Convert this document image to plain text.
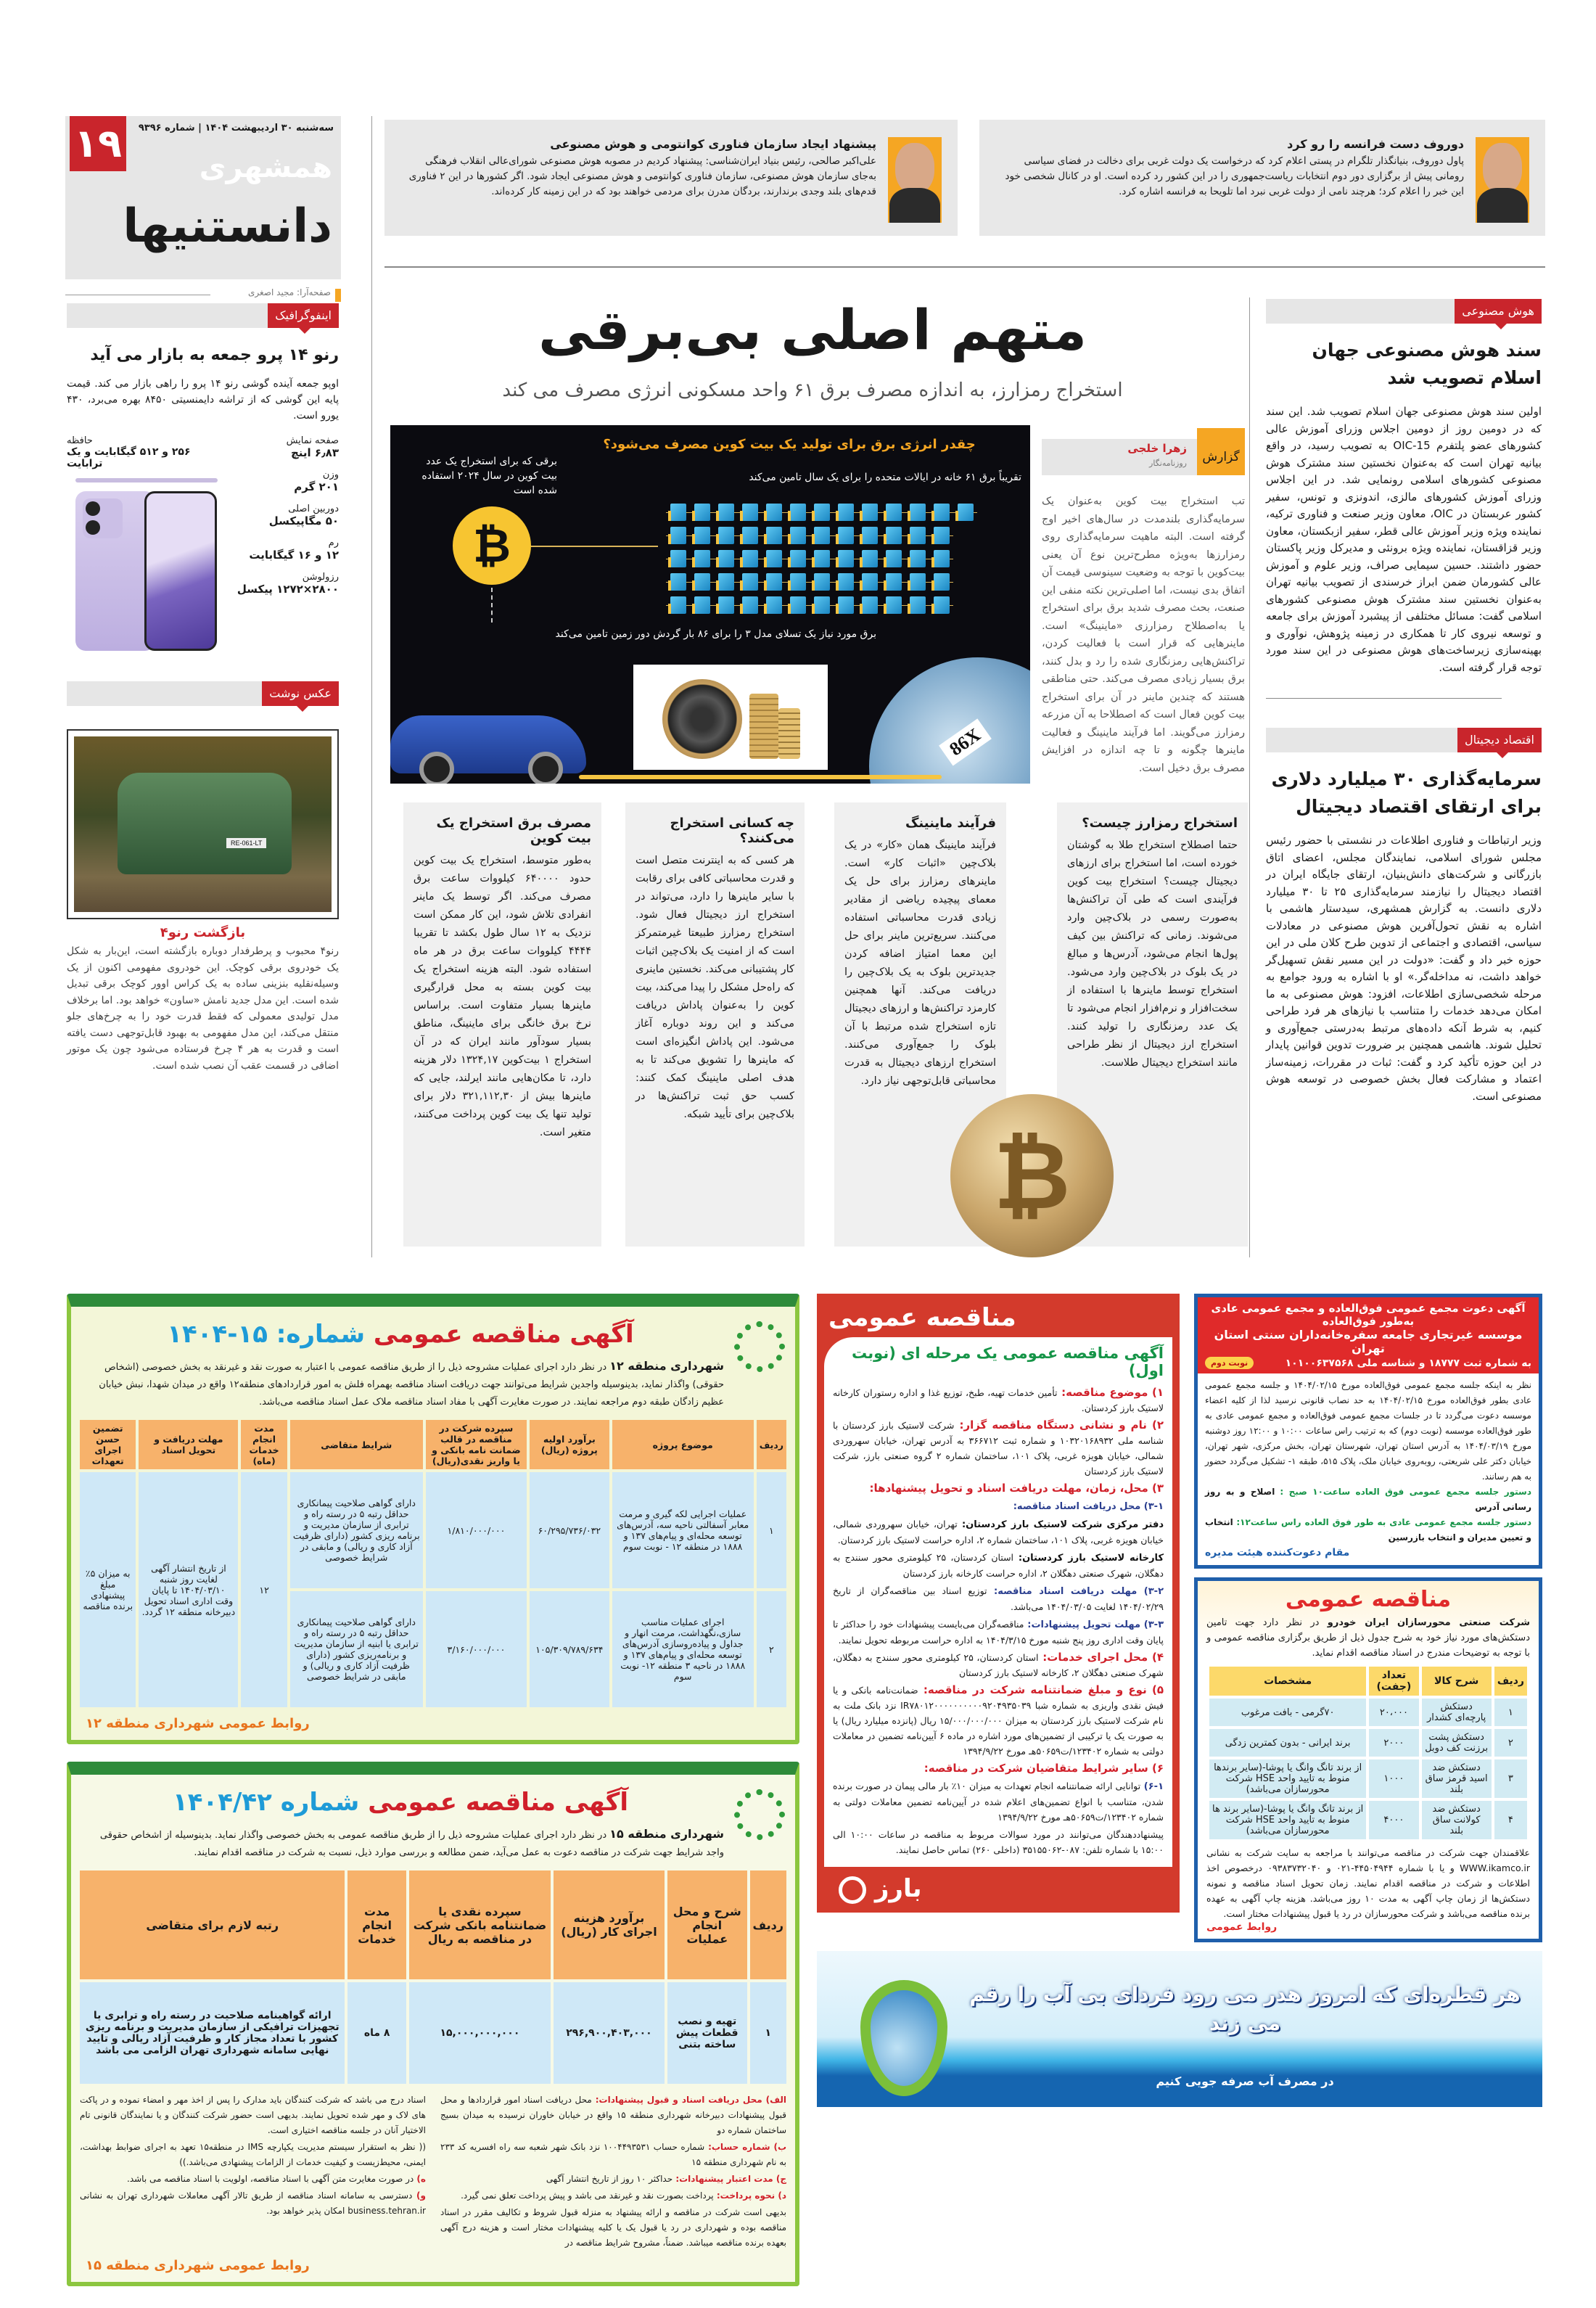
۱۹	سه‌شنبه ۳۰ اردیبهشت ۱۴۰۴ | شماره ۹۳۹۶
همشهری
دانستنیها
صفحه‌آرا: مجید اصغری
دوروف دست فرانسه را رو کرد

پاول دوروف، بنیانگذار تلگرام در پستی اعلام کرد که درخواست یک دولت غربی برای دخالت در فضای سیاسی رومانی پیش از برگزاری دور دوم انتخابات ریاست‌جمهوری را در این کشور رد کرده است. او در کانال شخصی خود این خبر را اعلام کرد؛ هرچند نامی از دولت غربی نبرد اما تلویحا به فرانسه اشاره کرد.

پیشنهاد ایجاد سازمان فناوری کوانتومی و هوش مصنوعی

علی‌اکبر صالحی، رئیس بنیاد ایران‌شناسی: پیشنهاد کردیم در مصوبه هوش مصنوعی شورای‌عالی انقلاب فرهنگی به‌جای سازمان هوش مصنوعی، سازمان فناوری کوانتومی و هوش مصنوعی ایجاد شود. اگر کشورها در این ۲ فناوری قدم‌های بلند وجدی برندارند، بردگان مدرن برای مردمی خواهند بود که در این زمینه کار کرده‌اند.

متهم اصلی بی‌برقی
استخراج رمزارز، به اندازه مصرف برق ۶۱ واحد مسکونی انرژی مصرف می کند
گزارش
زهرا خلجی
روزنامه‌نگار
تب استخراج بیت کوین به‌عنوان یک سرمایه‌گذاری بلندمدت در سال‌های اخیر اوج گرفته است. البته ماهیت سرمایه‌گذاری روی رمزارزها به‌ویژه مطرح‌ترین نوع آن یعنی بیت‌کوین با توجه به وضعیت سینوسی قیمت آن اتفاق بدی نیست، اما اصلی‌ترین نکته منفی این صنعت، بحث مصرف شدید برق برای استخراج یا به‌اصطلاح رمزارزی «ماینینگ» است. ماینرهایی که قرار است با فعالیت کردن، تراکنش‌هایی رمزنگاری شده را رد و بدل کنند، برق بسیار زیادی مصرف می‌کند. حتی مناطقی هستند که چندین ماینر در آن برای استخراج بیت کوین فعال است که اصطلاحا به آن مزرعه رمزارز می‌گویند. اما فرآیند ماینینگ و فعالیت ماینرها چگونه و تا چه اندازه در افزایش مصرف برق دخیل است.
چقدر انرژی برق برای تولید یک بیت کوین مصرف می‌شود؟
برقی که برای استخراج یک عدد بیت کوین در سال ۲۰۲۴ استفاده شده است
₿
تقریباً برق ۶۱ خانه در ایالات متحده را برای یک سال تامین می‌کند
برق مورد نیاز یک تسلای مدل ۳ را برای ۸۶ بار گردش دور زمین تامین می‌کند
86X
استخراج رمزارز چیست؟

حتما اصطلاح استخراج طلا به گوشتان خورده است، اما استخراج برای ارزهای دیجیتال چیست؟ استخراج بیت کوین فرآیندی است که طی آن تراکنش‌ها به‌صورت رسمی در بلاک‌چین وارد می‌شوند. زمانی که تراکنش بین کیف پول‌ها انجام می‌شود، آدرس‌ها و مبالغ در یک بلوک در بلاک‌چین وارد می‌شود. استخراج توسط ماینرها با استفاده از سخت‌افزار و نرم‌افزار انجام می‌شود تا یک عدد رمزنگاری را تولید کنند. استخراج ارز دیجیتال از نظر طراحی مانند استخراج دیجیتال طلاست.

فرآیند ماینینگ

فرآیند ماینینگ همان «کار» در یک بلاک‌چین «اثبات کار» است. ماینرهای رمزارز برای حل یک معمای پیچیده ریاضی از مقادیر زیادی قدرت محاسباتی استفاده می‌کنند. سریع‌ترین ماینر برای حل این معما امتیاز اضافه کردن جدیدترین بلوک به یک بلاک‌چین را دریافت می‌کند. آنها همچنین کارمزد تراکنش‌ها و ارزهای دیجیتال تازه استخراج شده مرتبط با آن بلوک را جمع‌آوری می‌کنند. استخراج ارزهای دیجیتال به قدرت محاسباتی قابل‌توجهی نیاز دارد.

چه کسانی استخراج می‌کنند؟

هر کسی که به اینترنت متصل است و قدرت محاسباتی کافی برای رقابت با سایر ماینرها را دارد، می‌تواند در استخراج ارز دیجیتال فعال شود. استخراج رمزارز طبیعتا غیرمتمرکز است که از امنیت یک بلاک‌چین اثبات کار پشتیبانی می‌کند. نخستین ماینری که راه‌حل مشکل را پیدا می‌کند، بیت کوین را به‌عنوان پاداش دریافت می‌کند و این روند دوباره آغاز می‌شود. این پاداش انگیزه‌ای است که ماینرها را تشویق می‌کند تا به هدف اصلی ماینینگ کمک کنند: کسب حق ثبت تراکنش‌ها در بلاک‌چین برای تأیید شبکه.

مصرف برق استخراج یک بیت کوین

به‌طور متوسط، استخراج یک بیت کوین حدود ۶۴۰۰۰۰ کیلووات ساعت برق مصرف می‌کند. اگر توسط یک ماینر انفرادی تلاش شود، این کار ممکن است نزدیک به ۱۲ سال طول بکشد تا تقریبا ۴۴۴۴ کیلووات ساعت برق در هر ماه استفاده شود. البته هزینه استخراج یک بیت کوین بسته به محل قرارگیری ماینرها بسیار متفاوت است. براساس نرخ برق خانگی برای ماینینگ، مناطق بسیار سودآور مانند ایران که در آن استخراج ۱ بیت‌کوین ۱۳۲۴,۱۷ دلار هزینه دارد، تا مکان‌هایی مانند ایرلند، جایی که ماینرها بیش از ۳۲۱,۱۱۲,۳۰ دلار برای تولید تنها یک بیت کوین پرداخت می‌کنند، متغیر است.	₿
هوش مصنوعی
سند هوش مصنوعی جهان اسلام تصویب شد

اولین سند هوش مصنوعی جهان اسلام تصویب شد. این سند که در دومین روز از دومین اجلاس وزرای آموزش عالی کشورهای عضو پلتفرم OIC-15 به تصویب رسید، در واقع بیانیه تهران است که به‌عنوان نخستین سند مشترک هوش مصنوعی کشورهای اسلامی رونمایی شد. در این اجلاس وزرای آموزش کشورهای مالزی، اندونزی و تونس، سفیر کشور عربستان در OIC، معاون وزیر صنعت و فناوری ترکیه، نماینده ویژه وزیر آموزش عالی قطر، سفیر ازبکستان، معاون وزیر قزاقستان، نماینده ویژه برونئی و مدیرکل وزیر پاکستان حضور داشتند. حسین سیمایی صراف، وزیر علوم و آموزش عالی کشورمان ضمن ابراز خرسندی از تصویب بیانیه تهران به‌عنوان نخستین سند مشترک هوش مصنوعی کشورهای اسلامی گفت: مسائل مختلفی از پیشبرد آموزش برای جامعه و توسعه نیروی کار تا همکاری در زمینه پژوهش، نوآوری و بهینه‌سازی زیرساخت‌های هوش مصنوعی در این سند مورد توجه قرار گرفته است.

اقتصاد دیجیتال
سرمایه‌گذاری ۳۰ میلیارد دلاری برای ارتقای اقتصاد دیجیتال

وزیر ارتباطات و فناوری اطلاعات در نشستی با حضور رئیس مجلس شورای اسلامی، نمایندگان مجلس، اعضای اتاق بازرگانی و شرکت‌های دانش‌بنیان، ارتقای جایگاه ایران در اقتصاد دیجیتال را نیازمند سرمایه‌گذاری ۲۵ تا ۳۰ میلیارد دلاری دانست. به گزارش همشهری، سیدستار هاشمی با اشاره به نقش تحول‌آفرین هوش مصنوعی در معادلات سیاسی، اقتصادی و اجتماعی از تدوین طرح کلان ملی در این حوزه خبر داد و گفت: «دولت در این مسیر نقش تسهیل‌گر خواهد داشت، نه مداخله‌گر.» او با اشاره به ورود جوامع به مرحله شخصی‌سازی اطلاعات، افزود: هوش مصنوعی به ما امکان می‌دهد خدمات را متناسب با نیازهای هر فرد طراحی کنیم، به شرط آنکه داده‌های مرتبط به‌درستی جمع‌آوری و تحلیل شوند. هاشمی همچنین بر ضرورت تدوین قوانین پایدار در این حوزه تأکید کرد و گفت: ثبات در مقررات، زمینه‌ساز اعتماد و مشارکت فعال بخش خصوصی در توسعه هوش مصنوعی است.

اینفوگرافیک
رنو ۱۴ پرو جمعه به بازار می آید

اوپو جمعه آینده گوشی رنو ۱۴ پرو را راهی بازار می کند. قیمت پایه این گوشی که از تراشه دایمنسیتی ۸۴۵۰ بهره می‌برد، ۴۳۰ یورو است.

صفحه نمایش
۶٫۸۳ اینچ
وزن
۲۰۱ گرم
دوربین اصلی
۵۰ مگاپیکسل
رم
۱۲ و ۱۶ گیگابایت
رزولوشن
۲۸۰۰×۱۲۷۲ پیکسل
حافظه
۲۵۶ و ۵۱۲ گیگابایت و یک ترابایت
عکس نوشت
RE-061-LT
بازگشت رنو۴

رنو۴ محبوب و پرطرفدار دوباره بازگشته است، این‌بار به شکل یک خودروی برقی کوچک. این خودروی مفهومی اکنون از یک وسیله‌نقلیه بنزینی ساده به یک کراس اوور کوچک برقی تبدیل شده است. این مدل جدید نامش «ساون» خواهد بود. اما برخلاف مدل تولیدی معمولی که فقط قدرت خود را به چرخ‌های جلو منتقل می‌کند، این مدل مفهومی به بهبود قابل‌توجهی دست یافته است و قدرت به هر ۴ چرخ فرستاده می‌شود چون یک موتور اضافی در قسمت عقب آن نصب شده است.

آگهی دعوت مجمع عمومی فوق‌العاده و مجمع عمومی عادی
به‌طور فوق‌العاده
موسسه غیرتجاری جامعه سفره‌خانه‌داران سنتی استان تهران
به شماره ثبت ۱۸۷۷۷ و شناسه ملی ۱۰۱۰۰۶۳۷۵۶۸
نوبت دوم

نظر به اینکه جلسه مجمع عمومی فوق‌العاده مورخ ۱۴۰۴/۰۲/۱۵ و جلسه مجمع عمومی عادی بطور فوق‌العاده مورخ ۱۴۰۴/۰۲/۱۵ به حد نصاب قانونی نرسید لذا از کلیه اعضاء موسسه دعوت می‌گردد تا در جلسات مجمع عمومی فوق‌العاده و مجمع عمومی عادی به طور فوق‌العاده موسسه (نوبت دوم) که به ترتیب راس ساعات ۱۰:۰۰ و ۱۲:۰۰ روز دوشنبه مورخ ۱۴۰۴/۰۳/۱۹ به آدرس استان تهران، شهرستان تهران، بخش مرکزی، شهر تهران، خیابان دکتر علی شریعتی، روبه‌روی خیابان ملک، پلاک ۵۱۵، طبقه ۱- تشکیل می‌گردد حضور به هم رسانند.

دستور جلسه مجمع عمومی فوق العاده ساعت۱۰ صبح : اصلاح و به روز رسانی آدرس

دستور جلسه مجمع عمومی عادی به طور فوق العاده راس ساعت۱۲: انتخاب و تعیین مدیران و انتخاب بازرسین

مقام دعوت‌کننده هیئت مدیره

مناقصه عمومی

شرکت صنعتی محورسازان ایران خودرو در نظر دارد جهت تامین دستکش‌های مورد نیاز خود به شرح جدول ذیل از طریق برگزاری مناقصه عمومی و با توجه به توضیحات مندرج در اسناد مناقصه اقدام نماید.

ردیف	شرح کالا	تعداد (جفت)	مشخصات
۱	دستکش پارچه‌ای کشدار	۲۰،۰۰۰	۷۰گرمی - بافت مرغوب
۲	دستکش پشت برزنت کف دوبل	۲۰۰۰	برند ایرانی - بدون کمترین زدگی
۳	دستکش ضد اسید قرمز ساق بلند	۱۰۰۰	از برند تانگ وانگ یا پوشا-(سایر برندها منوط به تایید واحد HSE شرکت محورسازان می‌باشد)
۴	دستکش ضد کولانت ساق بلند	۴۰۰۰	از برند تانگ وانگ یا پوشا-(سایر برند ها منوط به تایید واحد HSE شرکت محورسازان می‌باشد)

علاقمندان جهت شرکت در مناقصه می‌توانند با مراجعه به سایت شرکت به نشانی WWW.ikamco.ir و یا با شماره ۴۴۵۰۴۹۴۴-۰۲۱ و ۰۹۳۸۳۷۳۲۰۴۰ درخصوص اخذ اطلاعات و شرکت در مناقصه اقدام نمایند. زمان تحویل اسناد مناقصه و نمونه دستکش‌ها از زمان چاپ آگهی به مدت ۱۰ روز می‌باشد. هزینه چاپ آگهی به عهده برنده مناقصه می‌باشد و شرکت محورسازان در رد یا قبول پیشنهادات مختار است.

روابط عمومی
مناقصه عمومی
آگهی مناقصه عمومی یک مرحله ای (نوبت اول)

۱) موضوع مناقصه: تأمین خدمات تهیه، طبخ، توزیع غذا و اداره رستوران کارخانه لاستیک بارز کردستان.

۲) نام و نشانی دستگاه مناقصه گزار: شرکت لاستیک بارز کردستان با شناسه ملی ۱۰۳۲۰۱۶۸۹۳۲ و شماره ثبت ۳۶۶۷۱۲ به آدرس تهران، خیابان سهروردی شمالی، خیابان هویزه غربی، پلاک ۱۰۱، ساختمان شماره ۲ گروه صنعتی بارز، شرکت لاستیک بارز کردستان

۳) محل، زمان، مهلت دریافت اسناد و تحویل پیشنهادها:

۳-۱) محل دریافت اسناد مناقصه:

دفتر مرکزی شرکت لاستیک بارز کردستان: تهران، خیابان سهروردی شمالی، خیابان هویزه غربی، پلاک ۱۰۱، ساختمان شماره ۲، اداره حراست لاستیک بارز کردستان.

کارخانه لاستیک بارز کردستان: استان کردستان، ۲۵ کیلومتری محور سنندج به دهگلان، شهرک صنعتی دهگلان ۲، اداره حراست کارخانه بارز کردستان

۳-۲) مهلت دریافت اسناد مناقصه: توزیع اسناد بین مناقصه‌گران از تاریخ ۱۴۰۴/۰۲/۲۹ لغایت ۱۴۰۴/۰۳/۰۵ می‌باشد.

۳-۳) مهلت تحویل پیشنهادات: مناقصه‌گران می‌بایست پیشنهادات خود را حداکثر تا پایان وقت اداری روز پنج شنبه مورخ ۱۴۰۴/۳/۱۵ به اداره حراست مربوطه تحویل نمایند.

۴) محل اجرای خدمات: استان کردستان، ۲۵ کیلومتری محور سنندج به دهگلان، شهرک صنعتی دهگلان ۲، کارخانه لاستیک بارز کردستان

۵) نوع و مبلغ ضمانتنامه شرکت در مناقصه: ضمانت‌نامه بانکی و یا فیش نقدی واریزی به شماره شبا IR۷۸۰۱۲۰۰۰۰۰۰۰۰۰۰۹۲۰۴۹۳۵۰۳۹ نزد بانک ملت به نام شرکت لاستیک بارز کردستان به میزان ۱۵/۰۰۰/۰۰۰/۰۰۰ ریال (پانزده میلیارد ریال) یا به صورت یک یا ترکیبی از تضمین‌های مورد اشاره در ماده ۶ آیین‌نامه تضمین در معاملات دولتی به شماره ۱۲۳۴۰۲/ت۵۰۶۵۹هـ مورخ ۱۳۹۴/۹/۲۲

۶) سایر شرایط متقاضیان شرکت در مناقصه:

۶-۱) توانایی ارائه ضمانتنامه انجام تعهدات به میزان ۱۰٪ بار مالی پیمان در صورت برنده شدن، متناسب با انواع تضمین‌های اعلام شده در آیین‌نامه تضمین معاملات دولتی به شماره ۱۲۳۴۰۲/ت۵۰۶۵۹هـ مورخ ۱۳۹۴/۹/۲۲

پیشنهاددهندگان می‌توانند در مورد سوالات مربوط به مناقصه در ساعات ۱۰:۰۰ الی ۱۵:۰۰ با شماره تلفن: ۰۸۷-۳۵۱۵۵۰۶۲ (داخلی ۲۶۰) تماس حاصل نمایند.

بارز
هر قطره‌ای که امروز هدر می رود فردای بی آب را رقم می زند
در مصرف آب صرفه جویی کنیم
آگهی مناقصه عمومی شماره: ۱۵-۱۴۰۴

شهرداری منطقه ۱۲ در نظر دارد اجرای عملیات مشروحه ذیل را از طریق مناقصه عمومی با اعتبار به صورت نقد و غیرنقد به بخش خصوصی (اشخاص حقوقی) واگذار نماید، بدینوسیله واجدین شرایط می‌توانند جهت دریافت اسناد مناقصه بهمراه فلش به امور قراردادهای منطقه۱۲ واقع در میدان شهدا، نبش خیابان عظیم زادگان طبقه دوم مراجعه نمایند. در صورت مغایرت آگهی با مفاد اسناد مناقصه ملاک عمل اسناد مناقصه می‌باشد.

ردیف	موضوع پروژه	برآورد اولیه پروژه (ریال)	سپرده شرکت در مناقصه در قالب ضمانت نامه بانکی و یا واریز نقدی(ریال)	شرایط متقاضی	مدت انجام خدمات (ماه)	مهلت دریافت و تحویل اسناد	تضمین حسن اجرای تعهدات
۱	عملیات اجرایی لکه گیری و مرمت معابر آسفالتی ناحیه سه، آدرس‌های توسعه محله‌ای و پیام‌های ۱۳۷ و ۱۸۸۸ در منطقه ۱۲ - نوبت سوم	۶۰/۲۹۵/۷۳۶/۰۳۲	۱/۸۱۰/۰۰۰/۰۰۰	دارای گواهی صلاحیت پیمانکاری حداقل رتبه ۵ در رسته راه و ترابری از سازمان مدیریت و برنامه ریزی کشور (دارای ظرفیت آزاد کاری و ریالی) و مابقی در شرایط خصوصی	۱۲	از تاریخ انتشار آگهی لغایت روز شنبه ۱۴۰۴/۰۳/۱۰ تا پایان وقت اداری اسناد تحویل دبیرخانه منطقه ۱۲ گردد.	به میزان ۵٪ مبلغ پیشنهادی برنده مناقصه
۲	اجرای عملیات مناسب سازی،نگهداشت، مرمت انهار و جداول و پیاده‌روسازی آدرس‌های توسعه محله‌ای و پیام‌های ۱۳۷ و ۱۸۸۸ در ناحیه ۳ منطقه ۱۲- نوبت سوم	۱۰۵/۳۰۹/۷۸۹/۶۳۴	۳/۱۶۰/۰۰۰/۰۰۰	دارای گواهی صلاحیت پیمانکاری حداقل رتبه ۵ در رسته راه و ترابری یا ابنیه از سازمان مدیریت و برنامه‌ریزی کشور (دارای ظرفیت آزاد کاری و ریالی) و مابقی در شرایط خصوصی			
روابط عمومی شهرداری منطقه ۱۲
آگهی مناقصه عمومی شماره ۱۴۰۴/۴۲

شهرداری منطقه ۱۵ در نظر دارد اجرای عملیات مشروحه ذیل را از طریق مناقصه عمومی به بخش خصوصی واگذار نماید. بدینوسیله از اشخاص حقوقی واجد شرایط جهت شرکت در مناقصه دعوت به عمل می‌آید، ضمن مطالعه و بررسی موارد ذیل، نسبت به شرکت در مناقصه اقدام نمایند.

ردیف	شرح و محل انجام عملیات	برآورد هزینه اجرای کار (ریال)	سپرده نقدی یا ضمانتنامه بانکی شرکت در مناقصه به ریال	مدت انجام خدمات	رتبه لازم برای متقاضی
۱	تهیه و نصب قطعات پیش ساخته بتنی	۲۹۶,۹۰۰,۴۰۳,۰۰۰	۱۵,۰۰۰,۰۰۰,۰۰۰	۸ ماه	ارائه گواهینامه صلاحیت در رسته راه و ترابری یا تجهیزات ترافیکی از سازمان مدیریت و برنامه ریزی کشور با تعداد مجاز کار و ظرفیت آزاد ریالی و تایید نهایی سامانه شهرداری تهران الزامی می باشد

الف) محل دریافت اسناد و قبول پیشنهادات: محل دریافت اسناد امور قراردادها و محل قبول پیشنهادات دبیرخانه شهرداری منطقه ۱۵ واقع در خیابان خاوران نرسیده به میدان بسیج ساختمان شماره دو

ب) شماره حساب: شماره حساب ۱۰۰۴۴۹۳۵۳۱ نزد بانک شهر شعبه سه راه افسریه کد ۲۳۳ به نام شهرداری منطقه ۱۵

ج) مدت اعتبار پیشنهادات: حداکثر ۱۰ روز از تاریخ انتشار آگهی

د) نحوه پرداخت: پرداخت بصورت نقد و غیرنقد می باشد و پیش پرداخت تعلق نمی گیرد.

بدیهی است شرکت در مناقصه و ارائه پیشنهاد به منزله قبول شروط و تکالیف مقرر در اسناد مناقصه بوده و شهرداری در رد یا قبول یک یا کلیه پیشنهادات مختار است و هزینه درج آگهی بعهده برنده مناقصه میباشد. ضمناً، مشروح شرایط مناقصه در

اسناد درج می باشد که شرکت کنندگان باید مدارک را پس از اخذ مهر و امضاء نموده و در پاکت های لاک و مهر شده تحویل نمایند. بدیهی است حضور شرکت کنندگان و یا نمایندگان قانونی تام الاختیار آنان در جلسه مناقصه اختیاری است.

(( نظر به استقرار سیستم مدیریت یکپارچه IMS در منطقه۱۵ تعهد به اجرای ضوابط بهداشت، ایمنی، محیط‌زیست و کیفیت خدمات از الزامات پیشنهادی می‌باشد.))

ه) در صورت مغایرت متن آگهی با اسناد مناقصه، اولویت با اسناد مناقصه می باشد.

و) دسترسی به سامانه اسناد مناقصه از طریق تالار آگهی معاملات شهرداری تهران به نشانی business.tehran.ir امکان پذیر خواهد بود.

روابط عمومی شهرداری منطقه ۱۵
